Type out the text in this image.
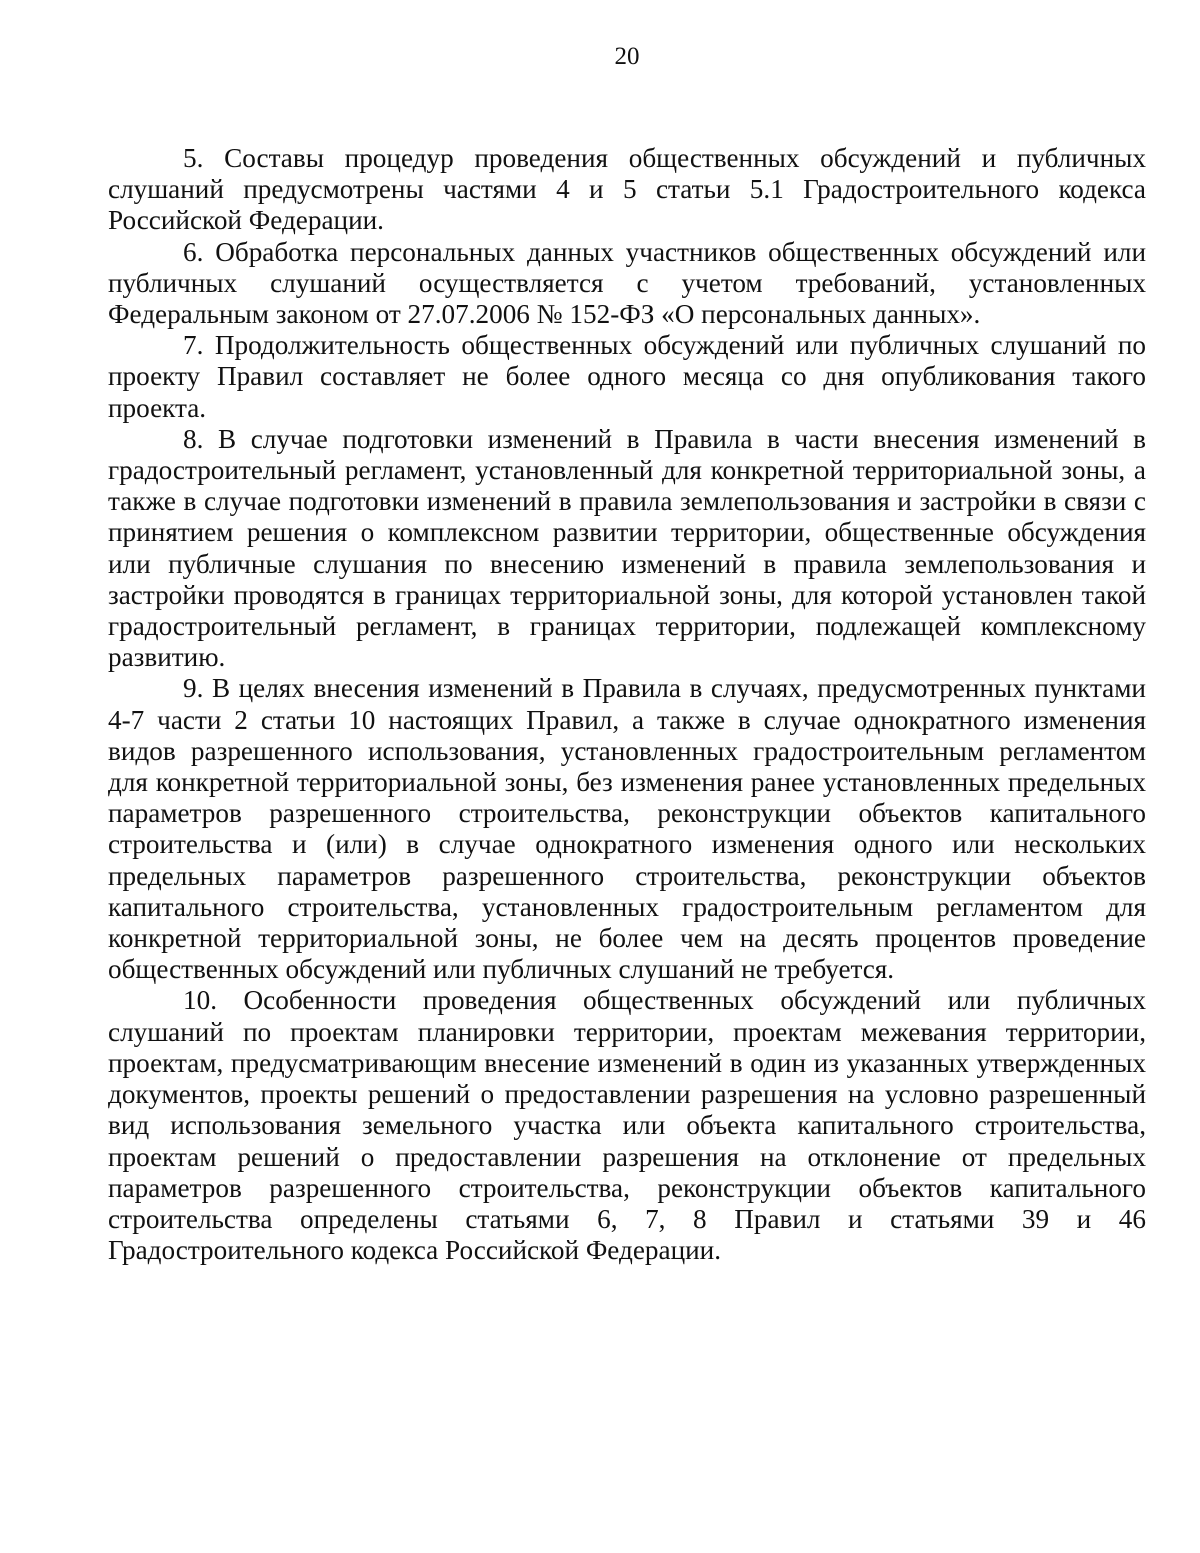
20

5. Составы процедур проведения общественных обсуждений и публичных слушаний предусмотрены частями 4 и 5 статьи 5.1 Градостроительного кодекса Российской Федерации.

6. Обработка персональных данных участников общественных обсуждений или публичных слушаний осуществляется с учетом требований, установленных Федеральным законом от 27.07.2006 № 152-ФЗ «О персональных данных».

7. Продолжительность общественных обсуждений или публичных слушаний по проекту Правил составляет не более одного месяца со дня опубликования такого проекта.

8. В случае подготовки изменений в Правила в части внесения изменений в градостроительный регламент, установленный для конкретной территориальной зоны, а также в случае подготовки изменений в правила землепользования и застройки в связи с принятием решения о комплексном развитии территории, общественные обсуждения или публичные слушания по внесению изменений в правила землепользования и застройки проводятся в границах территориальной зоны, для которой установлен такой градостроительный регламент, в границах территории, подлежащей комплексному развитию.

9. В целях внесения изменений в Правила в случаях, предусмотренных пунктами 4-7 части 2 статьи 10 настоящих Правил, а также в случае однократного изменения видов разрешенного использования, установленных градостроительным регламентом для конкретной территориальной зоны, без изменения ранее установленных предельных параметров разрешенного строительства, реконструкции объектов капитального строительства и (или) в случае однократного изменения одного или нескольких предельных параметров разрешенного строительства, реконструкции объектов капитального строительства, установленных градостроительным регламентом для конкретной территориальной зоны, не более чем на десять процентов проведение общественных обсуждений или публичных слушаний не требуется.

10. Особенности проведения общественных обсуждений или публичных слушаний по проектам планировки территории, проектам межевания территории, проектам, предусматривающим внесение изменений в один из указанных утвержденных документов, проекты решений о предоставлении разрешения на условно разрешенный вид использования земельного участка или объекта капитального строительства, проектам решений о предоставлении разрешения на отклонение от предельных параметров разрешенного строительства, реконструкции объектов капитального строительства определены статьями 6, 7, 8 Правил и статьями 39 и 46 Градостроительного кодекса Российской Федерации.
